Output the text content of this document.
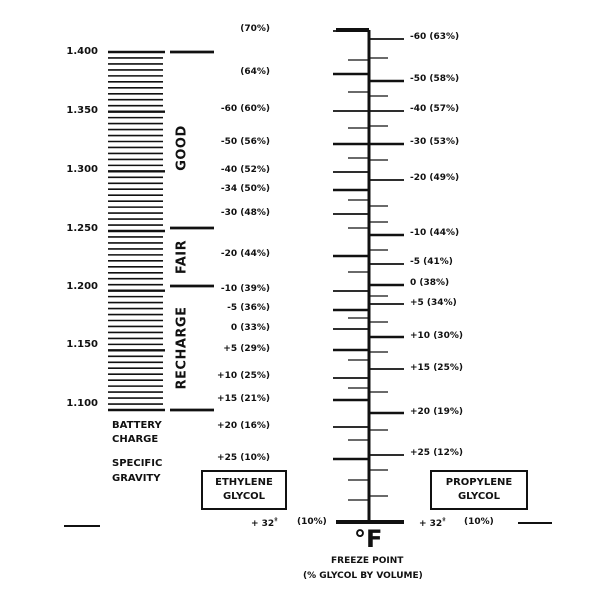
1.400
1.350
1.300
1.250
1.200
1.150
1.100
GOOD
FAIR
RECHARGE
BATTERY
CHARGE
SPECIFIC
GRAVITY
(70%)
(64%)
-60 (60%)
-50 (56%)
-40 (52%)
-34 (50%)
-30 (48%)
-20 (44%)
-10 (39%)
-5 (36%)
0 (33%)
+5 (29%)
+10 (25%)
+15 (21%)
+20 (16%)
+25 (10%)
-60 (63%)
-50 (58%)
-40 (57%)
-30 (53%)
-20 (49%)
-10 (44%)
-5 (41%)
0 (38%)
+5 (34%)
+10 (30%)
+15 (25%)
+20 (19%)
+25 (12%)
ETHYLENE
GLYCOL
PROPYLENE
GLYCOL
+ $32^º$ (10%)	+ $32^º$ (10%)
°F
FREEZE POINT
(% GLYCOL BY VOLUME)
